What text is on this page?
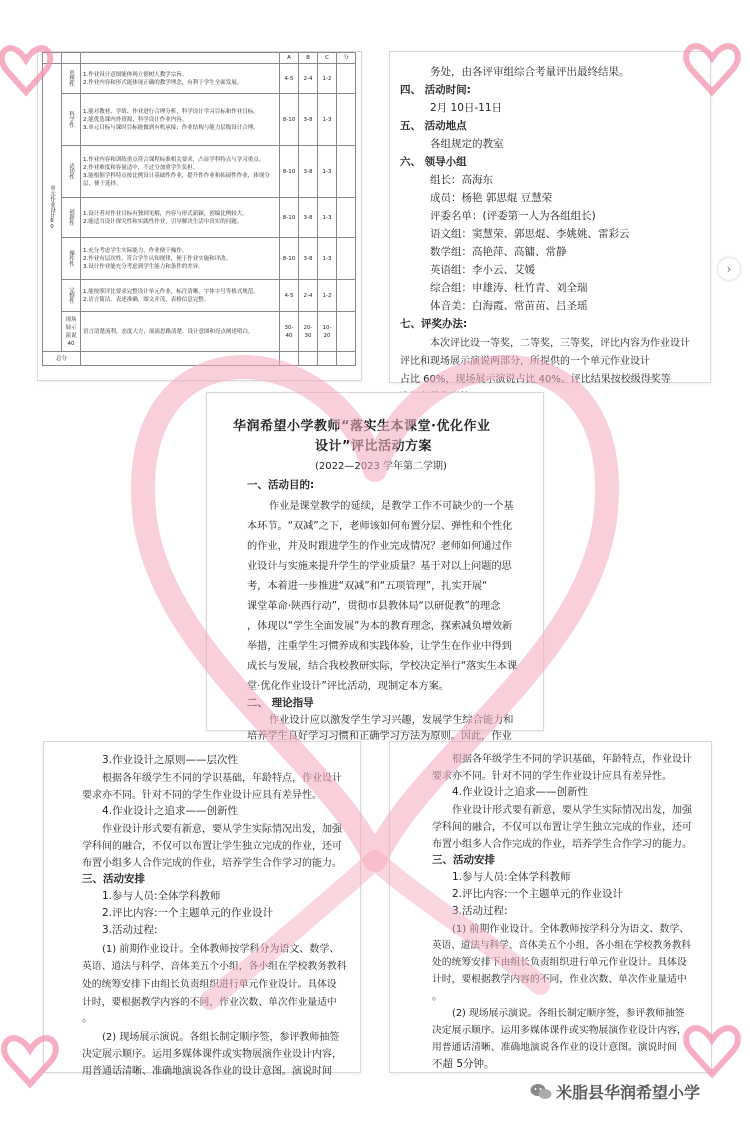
			A	B	C	分
单元作业设计60	思想性	1.作业设计意图能体现立德树人教学宗旨。
2.作业内容和形式能体现正确的教学理念，有利于学生全面发展。	4-5	2-4	1-2	
	科学性	1.能对教材、学情、作业进行合理分析，科学设计学习目标和作业目标。
2.能优选课内外资源，科学设计作业内容。
3.单元目标与课时目标能做到有机承接；作业结构与能力层级设计合理。	8-10	3-8	1-3	
	适切性	1.作业内容和训练重点符合课程标准相关要求，凸显学科特点与学习重点。
2.作业难度和容量适中，不过分加重学生负担。
3.能根据学科特点按比例设计基础性作业，提升性作业和拓展性作业，体现分层，便于选择。	8-10	3-8	1-3	
	创新性	1.设计者对作业目标有独到见解，内容与形式新颖，创编比例较大。
2.能适当设计探究性和实践性作业，引导解决生活中真实的问题。	8-10	3-8	1-3	
	操作性	1.充分考虑学生实际能力，作业便于操作。
2.作业有层次性，符合学生认知规律，便于作业实施和评改。
3.设计作业能充分考虑到学生能力和条件的差异。	8-10	3-8	1-3	
	完整性	1.能按照评比要求完整设计单元作业，标注清晰，字体字号等格式规范。
2.语言简洁、表述准确，图文并茂，表格信息完整。	4-5	2-4	1-2	
	现场展示演说40	语言清楚流利，态度大方，展演思路清楚，设计意图和亮点阐述明白。	30-40	20-30	10-20	
总分						
务处，由各评审组综合考量评出最终结果。
四、 活动时间:
2月 10日-11日
五、 活动地点
各组规定的教室
六、 领导小组
组长：高海东
成员：杨艳 郭思焜 豆慧荣
评委名单：(评委第一人为各组组长)
语文组：窦慧荣、郭思焜、李姚姚、雷彩云
数学组：高艳萍、高镛、常静
英语组：李小云、艾媛
综合组：申雄涛、杜竹青、刘全瑞
体音美：白海霞、常苗苗、吕圣瑶
七、评奖办法:
本次评比设一等奖，二等奖，三等奖，评比内容为作业设计
评比和现场展示演说两部分，所提供的一个单元作业设计
占比 60%，现场展示演说占比 40%。评比结果按校级得奖等
华润希望小学教师“落实生本课堂·优化作业
设计”评比活动方案
(2022—2023 学年第二学期)
一、活动目的:
作业是课堂教学的延续，是教学工作不可缺少的一个基
本环节。“双减”之下，老师该如何布置分层、弹性和个性化
的作业，并及时跟进学生的作业完成情况？老师如何通过作
业设计与实施来提升学生的学业质量？基于对以上问题的思
考，本着进一步推进“双减”和“五项管理”，扎实开展“
课堂革命·陕西行动”，贯彻市县教体局“以研促教”的理念
，体现以“学生全面发展”为本的教育理念，探索减负增效新
举措，注重学生习惯养成和实践体验，让学生在作业中得到
成长与发展，结合我校教研实际，学校决定举行“落实生本课
堂·优化作业设计”评比活动，现制定本方案。
二、 理论指导
作业设计应以激发学生学习兴趣，发展学生综合能力和
培养学生良好学习习惯和正确学习方法为原则。因此，作业
3.作业设计之原则——层次性
根据各年级学生不同的学识基础，年龄特点，作业设计
要求亦不同。针对不同的学生作业设计应具有差异性。
4.作业设计之追求——创新性
作业设计形式要有新意，要从学生实际情况出发，加强
学科间的融合，不仅可以布置让学生独立完成的作业，还可
布置小组多人合作完成的作业，培养学生合作学习的能力。
三、活动安排
1.参与人员:全体学科教师
2.评比内容:一个主题单元的作业设计
3.活动过程:
(1) 前期作业设计。全体教师按学科分为语文、数学、
英语、道法与科学、音体美五个小组，各小组在学校教务教科
处的统筹安排下由组长负责组织进行单元作业设计。具体设
计时，要根据教学内容的不同，作业次数、单次作业量适中
。
(2) 现场展示演说。各组长制定顺序签，参评教师抽签
决定展示顺序。运用多媒体课件或实物展演作业设计内容，
用普通话清晰、准确地演说各作业的设计意图。演说时间
根据各年级学生不同的学识基础，年龄特点，作业设计
要求亦不同。针对不同的学生作业设计应具有差异性。
4.作业设计之追求——创新性
作业设计形式要有新意，要从学生实际情况出发，加强
学科间的融合，不仅可以布置让学生独立完成的作业，还可
布置小组多人合作完成的作业，培养学生合作学习的能力。
三、活动安排
1.参与人员:全体学科教师
2.评比内容:一个主题单元的作业设计
3.活动过程:
(1) 前期作业设计。全体教师按学科分为语文、数学、
英语、道法与科学、音体美五个小组，各小组在学校教务教科
处的统筹安排下由组长负责组织进行单元作业设计。具体设
计时，要根据教学内容的不同，作业次数、单次作业量适中
。
(2) 现场展示演说。各组长制定顺序签，参评教师抽签
决定展示顺序。运用多媒体课件或实物展演作业设计内容，
用普通话清晰、准确地演说各作业的设计意图。演说时间
不超 5分钟。
›
米脂县华润希望小学
